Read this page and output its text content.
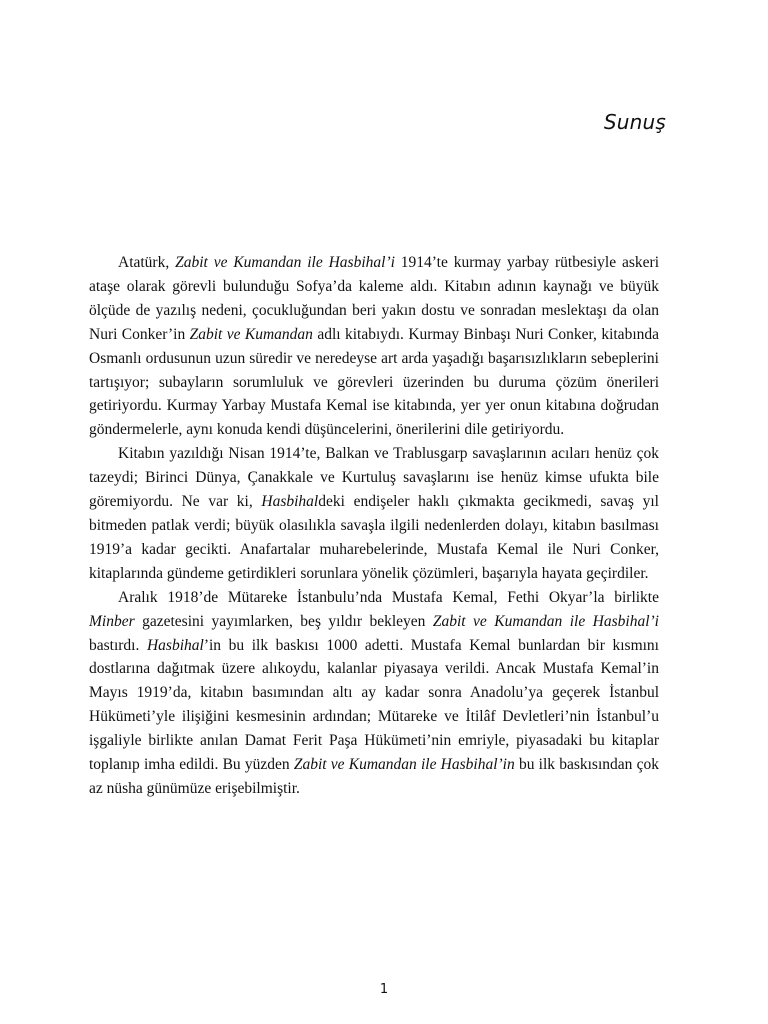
Sunuş

Atatürk, Zabit ve Kumandan ile Hasbihal’i 1914’te kurmay yarbay rütbesiyle askeri ataşe olarak görevli bulunduğu Sofya’da kaleme aldı. Kitabın adının kaynağı ve büyük ölçüde de yazılış nedeni, çocukluğundan beri yakın dostu ve sonradan meslektaşı da olan Nuri Conker’in Zabit ve Kumandan adlı kitabıydı. Kurmay Binbaşı Nuri Conker, kitabında Osmanlı ordusunun uzun süredir ve neredeyse art arda yaşadığı başarısızlıkların sebeplerini tartışıyor; subayların sorumluluk ve görevleri üzerinden bu duruma çözüm önerileri getiriyordu. Kurmay Yarbay Mustafa Kemal ise kitabında, yer yer onun kitabına doğrudan göndermelerle, aynı konuda kendi düşüncelerini, önerilerini dile getiriyordu.

Kitabın yazıldığı Nisan 1914’te, Balkan ve Trablusgarp savaşlarının acıları henüz çok tazeydi; Birinci Dünya, Çanakkale ve Kurtuluş savaşlarını ise henüz kimse ufukta bile göremiyordu. Ne var ki, Hasbihaldeki endişeler haklı çıkmakta gecikmedi, savaş yıl bitmeden patlak verdi; büyük olasılıkla savaşla ilgili nedenlerden dolayı, kitabın basılması 1919’a kadar gecikti. Anafartalar muharebelerinde, Mustafa Kemal ile Nuri Conker, kitaplarında gündeme getirdikleri sorunlara yönelik çözümleri, başarıyla hayata geçirdiler.

Aralık 1918’de Mütareke İstanbulu’nda Mustafa Kemal, Fethi Okyar’la birlikte Minber gazetesini yayımlarken, beş yıldır bekleyen Zabit ve Kumandan ile Hasbihal’i bastırdı. Hasbihal’in bu ilk baskısı 1000 adetti. Mustafa Kemal bunlardan bir kısmını dostlarına dağıtmak üzere alıkoydu, kalanlar piyasaya verildi. Ancak Mustafa Kemal’in Mayıs 1919’da, kitabın basımından altı ay kadar sonra Anadolu’ya geçerek İstanbul Hükümeti’yle ilişiğini kesmesinin ardından; Mütareke ve İtilâf Devletleri’nin İstanbul’u işgaliyle birlikte anılan Damat Ferit Paşa Hükümeti’nin emriyle, piyasadaki bu kitaplar toplanıp imha edildi. Bu yüzden Zabit ve Kumandan ile Hasbihal’in bu ilk baskısından çok az nüsha günümüze erişebilmiştir.

1
